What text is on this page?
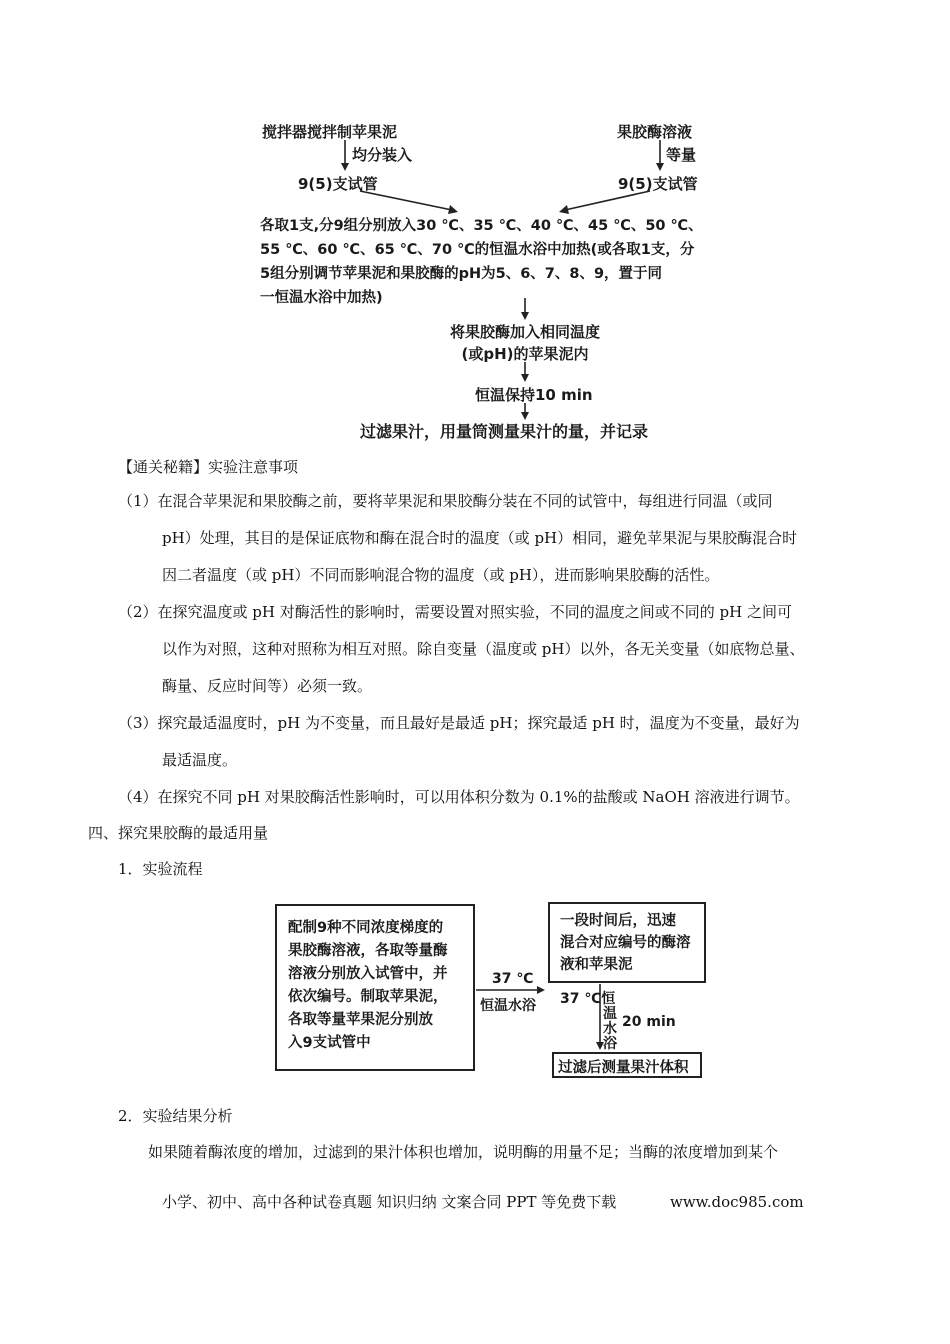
搅拌器搅拌制苹果泥
均分装入
9(5)支试管
果胶酶溶液
等量
9(5)支试管
各取1支,分9组分别放入30 ℃、35 ℃、40 ℃、45 ℃、50 ℃、
55 ℃、60 ℃、65 ℃、70 ℃的恒温水浴中加热(或各取1支，分
5组分别调节苹果泥和果胶酶的pH为5、6、7、8、9，置于同
一恒温水浴中加热)
将果胶酶加入相同温度
(或pH)的苹果泥内
恒温保持10 min
过滤果汁，用量筒测量果汁的量，并记录
【通关秘籍】实验注意事项
（1）在混合苹果泥和果胶酶之前，要将苹果泥和果胶酶分装在不同的试管中，每组进行同温（或同
pH）处理，其目的是保证底物和酶在混合时的温度（或 pH）相同，避免苹果泥与果胶酶混合时
因二者温度（或 pH）不同而影响混合物的温度（或 pH），进而影响果胶酶的活性。
（2）在探究温度或 pH 对酶活性的影响时，需要设置对照实验，不同的温度之间或不同的 pH 之间可
以作为对照，这种对照称为相互对照。除自变量（温度或 pH）以外，各无关变量（如底物总量、
酶量、反应时间等）必须一致。
（3）探究最适温度时，pH 为不变量，而且最好是最适 pH；探究最适 pH 时，温度为不变量，最好为
最适温度。
（4）在探究不同 pH 对果胶酶活性影响时，可以用体积分数为 0.1%的盐酸或 NaOH 溶液进行调节。
四、探究果胶酶的最适用量
1．实验流程
配制9种不同浓度梯度的
果胶酶溶液，各取等量酶
溶液分别放入试管中，并
依次编号。制取苹果泥，
各取等量苹果泥分别放
入9支试管中
一段时间后，迅速
混合对应编号的酶溶
液和苹果泥
过滤后测量果汁体积
37 ℃
恒温水浴 37 ℃恒
温
水
浴
20 min
2．实验结果分析
如果随着酶浓度的增加，过滤到的果汁体积也增加，说明酶的用量不足；当酶的浓度增加到某个
小学、初中、高中各种试卷真题 知识归纳 文案合同 PPT 等免费下载	www.doc985.com
